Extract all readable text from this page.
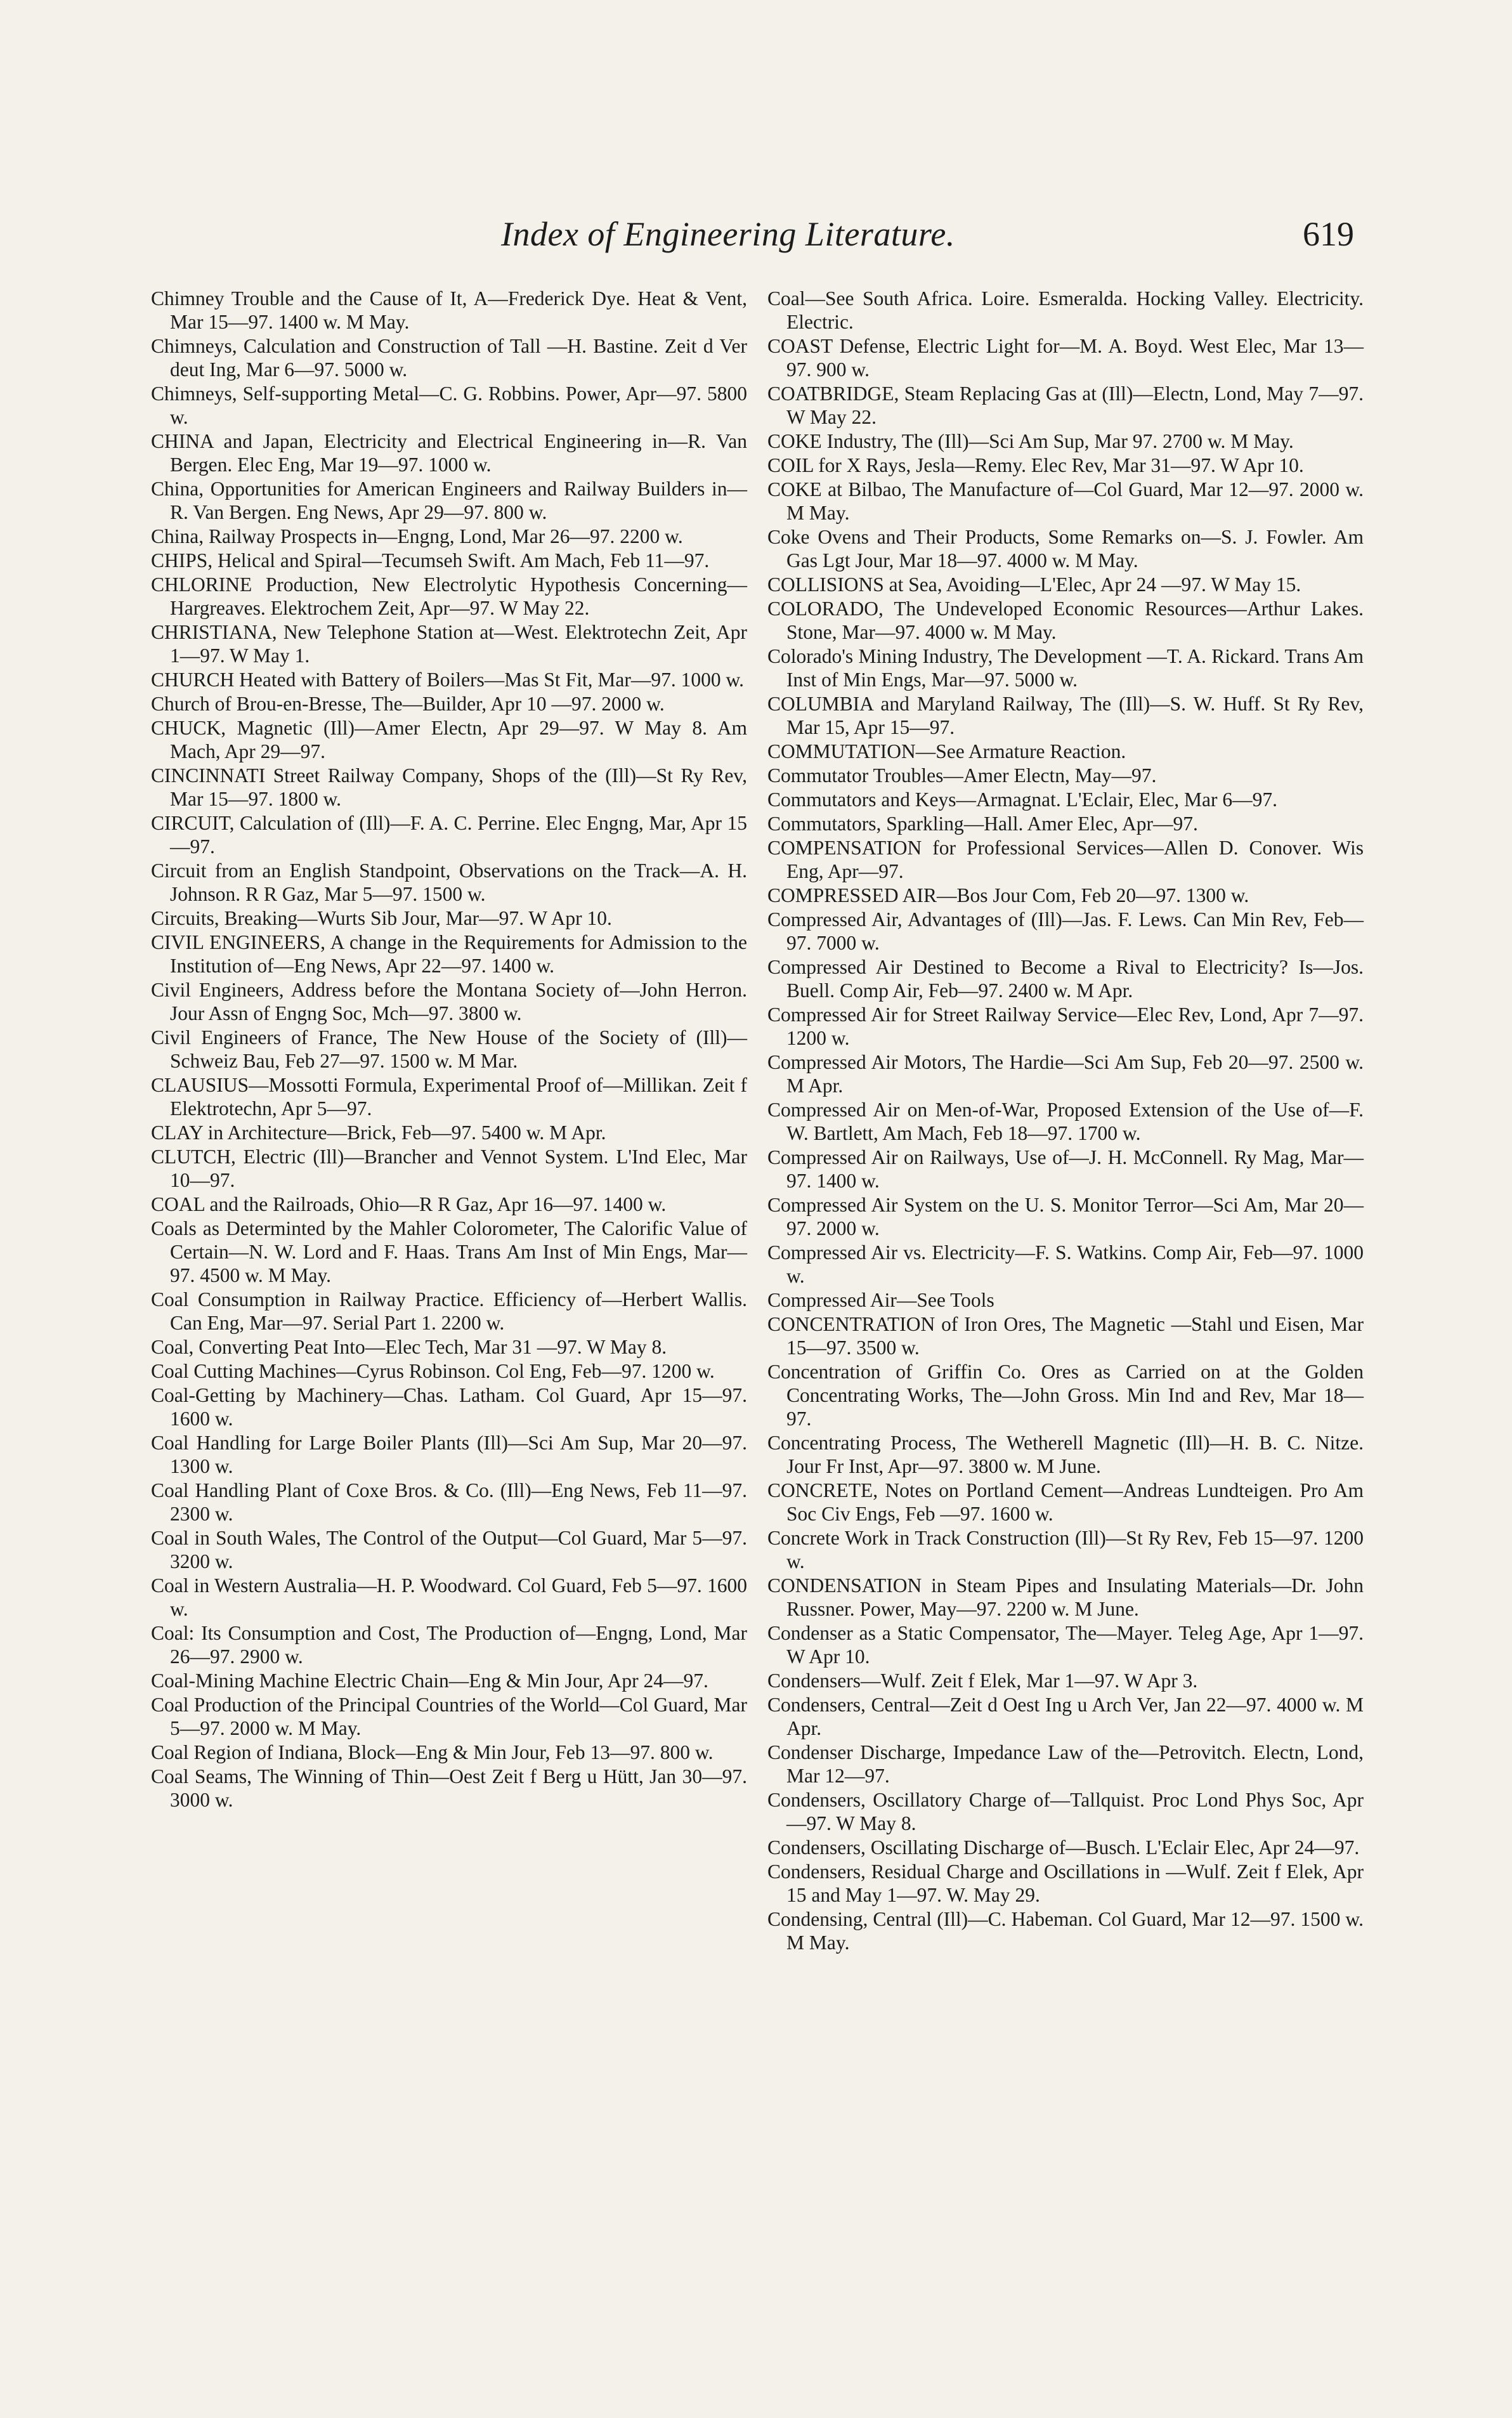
Index of Engineering Literature.	619

Chimney Trouble and the Cause of It, A—Frederick Dye. Heat & Vent, Mar 15—97. 1400 w. M May.

Chimneys, Calculation and Construction of Tall —H. Bastine. Zeit d Ver deut Ing, Mar 6—97. 5000 w.

Chimneys, Self-supporting Metal—C. G. Robbins. Power, Apr—97. 5800 w.

CHINA and Japan, Electricity and Electrical Engineering in—R. Van Bergen. Elec Eng, Mar 19—97. 1000 w.

China, Opportunities for American Engineers and Railway Builders in—R. Van Bergen. Eng News, Apr 29—97. 800 w.

China, Railway Prospects in—Engng, Lond, Mar 26—97. 2200 w.

CHIPS, Helical and Spiral—Tecumseh Swift. Am Mach, Feb 11—97.

CHLORINE Production, New Electrolytic Hypothesis Concerning—Hargreaves. Elektrochem Zeit, Apr—97. W May 22.

CHRISTIANA, New Telephone Station at—West. Elektrotechn Zeit, Apr 1—97. W May 1.

CHURCH Heated with Battery of Boilers—Mas St Fit, Mar—97. 1000 w.

Church of Brou-en-Bresse, The—Builder, Apr 10 —97. 2000 w.

CHUCK, Magnetic (Ill)—Amer Electn, Apr 29—97. W May 8. Am Mach, Apr 29—97.

CINCINNATI Street Railway Company, Shops of the (Ill)—St Ry Rev, Mar 15—97. 1800 w.

CIRCUIT, Calculation of (Ill)—F. A. C. Perrine. Elec Engng, Mar, Apr 15—97.

Circuit from an English Standpoint, Observations on the Track—A. H. Johnson. R R Gaz, Mar 5—97. 1500 w.

Circuits, Breaking—Wurts Sib Jour, Mar—97. W Apr 10.

CIVIL ENGINEERS, A change in the Requirements for Admission to the Institution of—Eng News, Apr 22—97. 1400 w.

Civil Engineers, Address before the Montana Society of—John Herron. Jour Assn of Engng Soc, Mch—97. 3800 w.

Civil Engineers of France, The New House of the Society of (Ill)—Schweiz Bau, Feb 27—97. 1500 w. M Mar.

CLAUSIUS—Mossotti Formula, Experimental Proof of—Millikan. Zeit f Elektrotechn, Apr 5—97.

CLAY in Architecture—Brick, Feb—97. 5400 w. M Apr.

CLUTCH, Electric (Ill)—Brancher and Vennot System. L'Ind Elec, Mar 10—97.

COAL and the Railroads, Ohio—R R Gaz, Apr 16—97. 1400 w.

Coals as Determinted by the Mahler Colorometer, The Calorific Value of Certain—N. W. Lord and F. Haas. Trans Am Inst of Min Engs, Mar—97. 4500 w. M May.

Coal Consumption in Railway Practice. Efficiency of—Herbert Wallis. Can Eng, Mar—97. Serial Part 1. 2200 w.

Coal, Converting Peat Into—Elec Tech, Mar 31 —97. W May 8.

Coal Cutting Machines—Cyrus Robinson. Col Eng, Feb—97. 1200 w.

Coal-Getting by Machinery—Chas. Latham. Col Guard, Apr 15—97. 1600 w.

Coal Handling for Large Boiler Plants (Ill)—Sci Am Sup, Mar 20—97. 1300 w.

Coal Handling Plant of Coxe Bros. & Co. (Ill)—Eng News, Feb 11—97. 2300 w.

Coal in South Wales, The Control of the Output—Col Guard, Mar 5—97. 3200 w.

Coal in Western Australia—H. P. Woodward. Col Guard, Feb 5—97. 1600 w.

Coal: Its Consumption and Cost, The Production of—Engng, Lond, Mar 26—97. 2900 w.

Coal-Mining Machine Electric Chain—Eng & Min Jour, Apr 24—97.

Coal Production of the Principal Countries of the World—Col Guard, Mar 5—97. 2000 w. M May.

Coal Region of Indiana, Block—Eng & Min Jour, Feb 13—97. 800 w.

Coal Seams, The Winning of Thin—Oest Zeit f Berg u Hütt, Jan 30—97. 3000 w.

Coal—See South Africa. Loire. Esmeralda. Hocking Valley. Electricity. Electric.

COAST Defense, Electric Light for—M. A. Boyd. West Elec, Mar 13—97. 900 w.

COATBRIDGE, Steam Replacing Gas at (Ill)—Electn, Lond, May 7—97. W May 22.

COKE Industry, The (Ill)—Sci Am Sup, Mar 97. 2700 w. M May.

COIL for X Rays, Jesla—Remy. Elec Rev, Mar 31—97. W Apr 10.

COKE at Bilbao, The Manufacture of—Col Guard, Mar 12—97. 2000 w. M May.

Coke Ovens and Their Products, Some Remarks on—S. J. Fowler. Am Gas Lgt Jour, Mar 18—97. 4000 w. M May.

COLLISIONS at Sea, Avoiding—L'Elec, Apr 24 —97. W May 15.

COLORADO, The Undeveloped Economic Resources—Arthur Lakes. Stone, Mar—97. 4000 w. M May.

Colorado's Mining Industry, The Development —T. A. Rickard. Trans Am Inst of Min Engs, Mar—97. 5000 w.

COLUMBIA and Maryland Railway, The (Ill)—S. W. Huff. St Ry Rev, Mar 15, Apr 15—97.

COMMUTATION—See Armature Reaction.

Commutator Troubles—Amer Electn, May—97.

Commutators and Keys—Armagnat. L'Eclair, Elec, Mar 6—97.

Commutators, Sparkling—Hall. Amer Elec, Apr—97.

COMPENSATION for Professional Services—Allen D. Conover. Wis Eng, Apr—97.

COMPRESSED AIR—Bos Jour Com, Feb 20—97. 1300 w.

Compressed Air, Advantages of (Ill)—Jas. F. Lews. Can Min Rev, Feb—97. 7000 w.

Compressed Air Destined to Become a Rival to Electricity? Is—Jos. Buell. Comp Air, Feb—97. 2400 w. M Apr.

Compressed Air for Street Railway Service—Elec Rev, Lond, Apr 7—97. 1200 w.

Compressed Air Motors, The Hardie—Sci Am Sup, Feb 20—97. 2500 w. M Apr.

Compressed Air on Men-of-War, Proposed Extension of the Use of—F. W. Bartlett, Am Mach, Feb 18—97. 1700 w.

Compressed Air on Railways, Use of—J. H. McConnell. Ry Mag, Mar—97. 1400 w.

Compressed Air System on the U. S. Monitor Terror—Sci Am, Mar 20—97. 2000 w.

Compressed Air vs. Electricity—F. S. Watkins. Comp Air, Feb—97. 1000 w.

Compressed Air—See Tools

CONCENTRATION of Iron Ores, The Magnetic —Stahl und Eisen, Mar 15—97. 3500 w.

Concentration of Griffin Co. Ores as Carried on at the Golden Concentrating Works, The—John Gross. Min Ind and Rev, Mar 18—97.

Concentrating Process, The Wetherell Magnetic (Ill)—H. B. C. Nitze. Jour Fr Inst, Apr—97. 3800 w. M June.

CONCRETE, Notes on Portland Cement—Andreas Lundteigen. Pro Am Soc Civ Engs, Feb —97. 1600 w.

Concrete Work in Track Construction (Ill)—St Ry Rev, Feb 15—97. 1200 w.

CONDENSATION in Steam Pipes and Insulating Materials—Dr. John Russner. Power, May—97. 2200 w. M June.

Condenser as a Static Compensator, The—Mayer. Teleg Age, Apr 1—97. W Apr 10.

Condensers—Wulf. Zeit f Elek, Mar 1—97. W Apr 3.

Condensers, Central—Zeit d Oest Ing u Arch Ver, Jan 22—97. 4000 w. M Apr.

Condenser Discharge, Impedance Law of the—Petrovitch. Electn, Lond, Mar 12—97.

Condensers, Oscillatory Charge of—Tallquist. Proc Lond Phys Soc, Apr—97. W May 8.

Condensers, Oscillating Discharge of—Busch. L'Eclair Elec, Apr 24—97.

Condensers, Residual Charge and Oscillations in —Wulf. Zeit f Elek, Apr 15 and May 1—97. W. May 29.

Condensing, Central (Ill)—C. Habeman. Col Guard, Mar 12—97. 1500 w. M May.
